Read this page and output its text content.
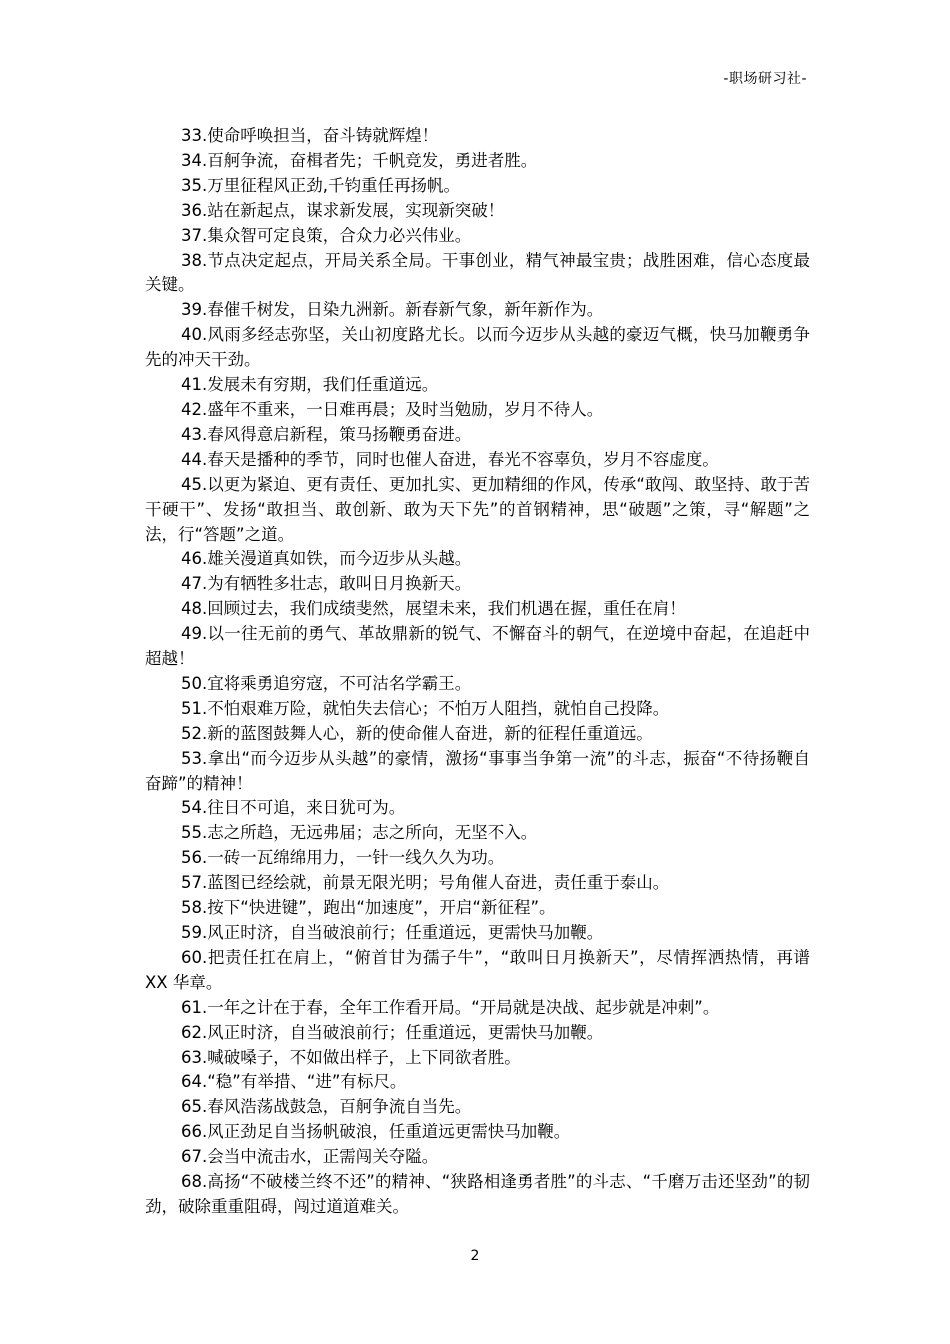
-职场研习社-

33.使命呼唤担当，奋斗铸就辉煌！

34.百舸争流，奋楫者先；千帆竞发，勇进者胜。

35.万里征程风正劲,千钧重任再扬帆。

36.站在新起点，谋求新发展，实现新突破！

37.集众智可定良策，合众力必兴伟业。

38.节点决定起点，开局关系全局。干事创业，精气神最宝贵；战胜困难，信心态度最关键。

39.春催千树发，日染九洲新。新春新气象，新年新作为。

40.风雨多经志弥坚，关山初度路尤长。以而今迈步从头越的豪迈气概，快马加鞭勇争先的冲天干劲。

41.发展未有穷期，我们任重道远。

42.盛年不重来，一日难再晨；及时当勉励，岁月不待人。

43.春风得意启新程，策马扬鞭勇奋进。

44.春天是播种的季节，同时也催人奋进，春光不容辜负，岁月不容虚度。

45.以更为紧迫、更有责任、更加扎实、更加精细的作风，传承“敢闯、敢坚持、敢于苦干硬干”、发扬“敢担当、敢创新、敢为天下先”的首钢精神，思“破题”之策，寻“解题”之法，行“答题”之道。

46.雄关漫道真如铁，而今迈步从头越。

47.为有牺牲多壮志，敢叫日月换新天。

48.回顾过去，我们成绩斐然，展望未来，我们机遇在握，重任在肩！

49.以一往无前的勇气、革故鼎新的锐气、不懈奋斗的朝气，在逆境中奋起，在追赶中超越！

50.宜将乘勇追穷寇，不可沽名学霸王。

51.不怕艰难万险，就怕失去信心；不怕万人阻挡，就怕自己投降。

52.新的蓝图鼓舞人心，新的使命催人奋进，新的征程任重道远。

53.拿出“而今迈步从头越”的豪情，激扬“事事当争第一流”的斗志，振奋“不待扬鞭自奋蹄”的精神！

54.往日不可追，来日犹可为。

55.志之所趋，无远弗届；志之所向，无坚不入。

56.一砖一瓦绵绵用力，一针一线久久为功。

57.蓝图已经绘就，前景无限光明；号角催人奋进，责任重于泰山。

58.按下“快进键”，跑出“加速度”，开启“新征程”。

59.风正时济，自当破浪前行；任重道远，更需快马加鞭。

60.把责任扛在肩上，“俯首甘为孺子牛”，“敢叫日月换新天”，尽情挥洒热情，再谱 XX 华章。

61.一年之计在于春，全年工作看开局。“开局就是决战、起步就是冲刺”。

62.风正时济，自当破浪前行；任重道远，更需快马加鞭。

63.喊破嗓子，不如做出样子，上下同欲者胜。

64.“稳”有举措、“进”有标尺。

65.春风浩荡战鼓急，百舸争流自当先。

66.风正劲足自当扬帆破浪，任重道远更需快马加鞭。

67.会当中流击水，正需闯关夺隘。

68.高扬“不破楼兰终不还”的精神、“狭路相逢勇者胜”的斗志、“千磨万击还坚劲”的韧劲，破除重重阻碍，闯过道道难关。

2
